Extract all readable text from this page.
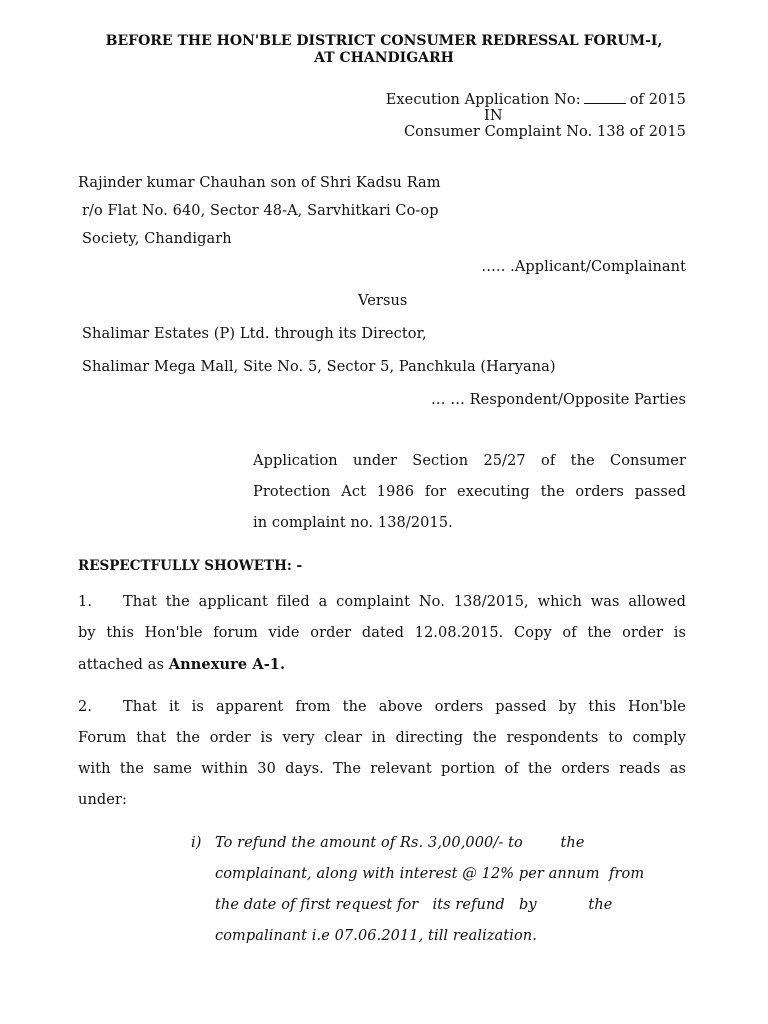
BEFORE THE HON'BLE DISTRICT CONSUMER REDRESSAL FORUM-I,
AT CHANDIGARH
Execution Application No:	of 2015
IN
Consumer Complaint No. 138 of 2015
Rajinder kumar Chauhan son of Shri Kadsu Ram
r/o Flat No. 640, Sector 48-A, Sarvhitkari Co-op
Society, Chandigarh
….. .Applicant/Complainant
Versus
Shalimar Estates (P) Ltd. through its Director,
Shalimar Mega Mall, Site No. 5, Sector 5, Panchkula (Haryana)
… … Respondent/Opposite Parties
Application under Section 25/27 of the Consumer
Protection Act 1986 for executing the orders passed
in complaint no. 138/2015.
RESPECTFULLY SHOWETH: -
1. That the applicant filed a complaint No. 138/2015, which was allowed
by this Hon'ble forum vide order dated 12.08.2015. Copy of the order is
attached as Annexure A-1.
2. That it is apparent from the above orders passed by this Hon'ble
Forum that the order is very clear in directing the respondents to comply
with the same within 30 days. The relevant portion of the orders reads as
under:
i) To refund the amount of Rs. 3,00,000/- to        the
complainant, along with interest @ 12% per annum  from
the date of first request for   its refund   by           the
compalinant i.e 07.06.2011, till realization.
